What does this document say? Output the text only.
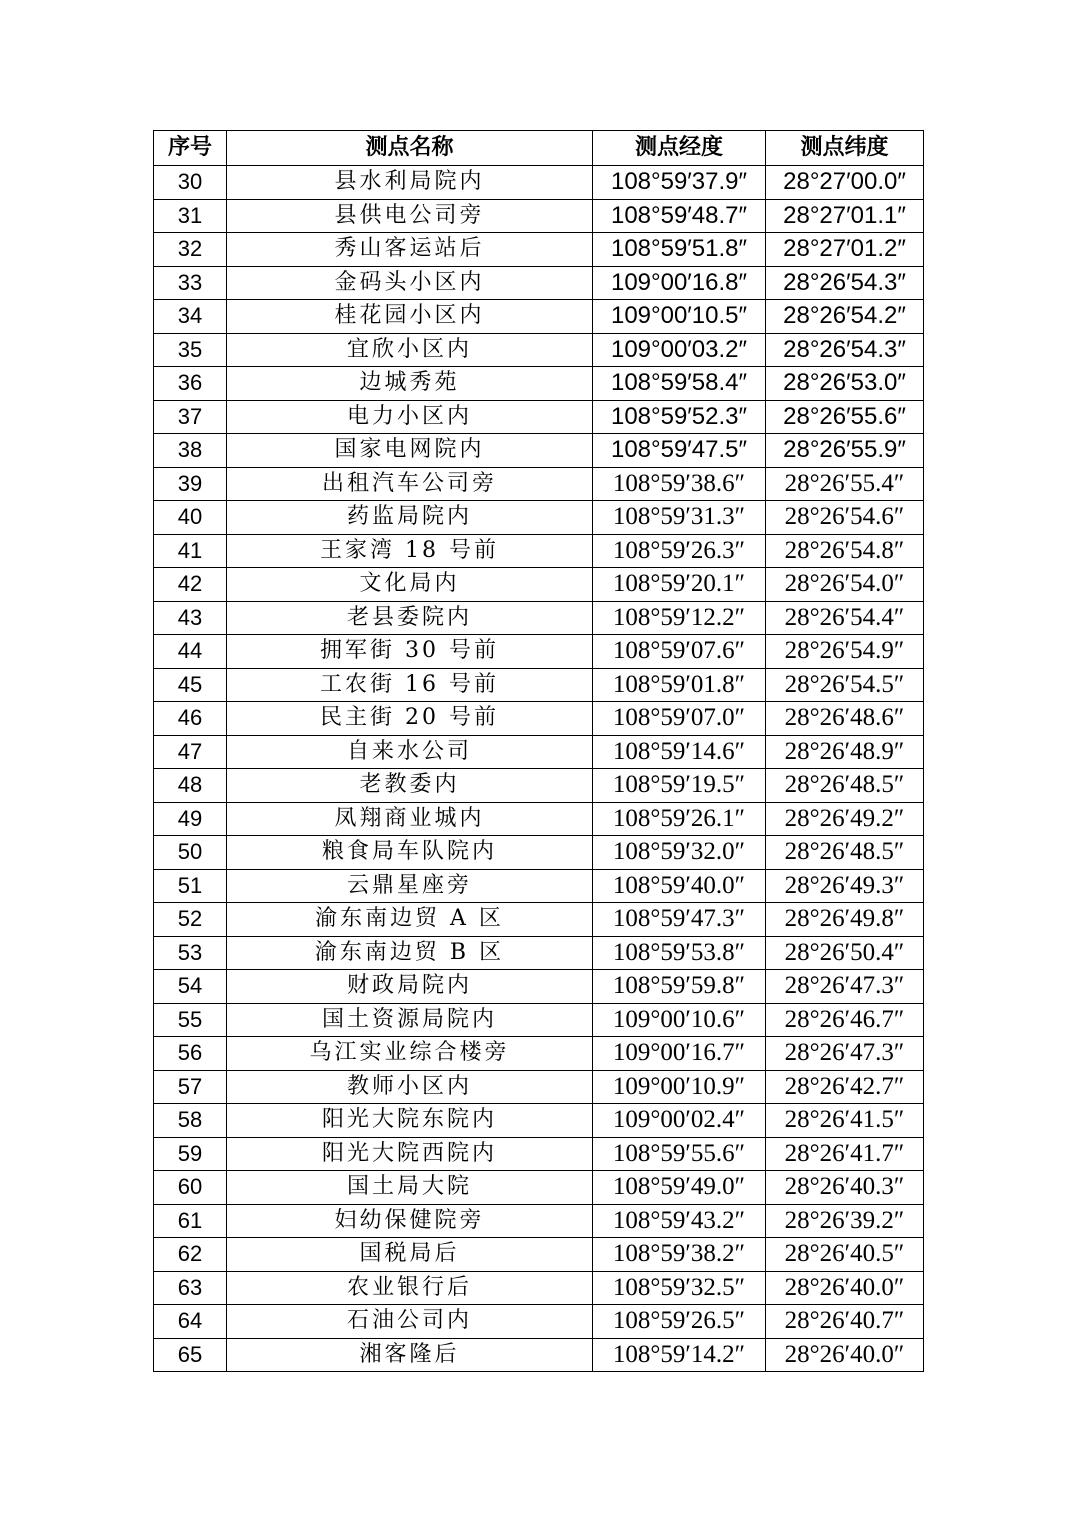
序号	测点名称	测点经度	测点纬度
30	县水利局院内	108°59′37.9″	28°27′00.0″
31	县供电公司旁	108°59′48.7″	28°27′01.1″
32	秀山客运站后	108°59′51.8″	28°27′01.2″
33	金码头小区内	109°00′16.8″	28°26′54.3″
34	桂花园小区内	109°00′10.5″	28°26′54.2″
35	宜欣小区内	109°00′03.2″	28°26′54.3″
36	边城秀苑	108°59′58.4″	28°26′53.0″
37	电力小区内	108°59′52.3″	28°26′55.6″
38	国家电网院内	108°59′47.5″	28°26′55.9″
39	出租汽车公司旁	108°59′38.6″	28°26′55.4″
40	药监局院内	108°59′31.3″	28°26′54.6″
41	王家湾 18 号前	108°59′26.3″	28°26′54.8″
42	文化局内	108°59′20.1″	28°26′54.0″
43	老县委院内	108°59′12.2″	28°26′54.4″
44	拥军街 30 号前	108°59′07.6″	28°26′54.9″
45	工农街 16 号前	108°59′01.8″	28°26′54.5″
46	民主街 20 号前	108°59′07.0″	28°26′48.6″
47	自来水公司	108°59′14.6″	28°26′48.9″
48	老教委内	108°59′19.5″	28°26′48.5″
49	凤翔商业城内	108°59′26.1″	28°26′49.2″
50	粮食局车队院内	108°59′32.0″	28°26′48.5″
51	云鼎星座旁	108°59′40.0″	28°26′49.3″
52	渝东南边贸 A 区	108°59′47.3″	28°26′49.8″
53	渝东南边贸 B 区	108°59′53.8″	28°26′50.4″
54	财政局院内	108°59′59.8″	28°26′47.3″
55	国土资源局院内	109°00′10.6″	28°26′46.7″
56	乌江实业综合楼旁	109°00′16.7″	28°26′47.3″
57	教师小区内	109°00′10.9″	28°26′42.7″
58	阳光大院东院内	109°00′02.4″	28°26′41.5″
59	阳光大院西院内	108°59′55.6″	28°26′41.7″
60	国土局大院	108°59′49.0″	28°26′40.3″
61	妇幼保健院旁	108°59′43.2″	28°26′39.2″
62	国税局后	108°59′38.2″	28°26′40.5″
63	农业银行后	108°59′32.5″	28°26′40.0″
64	石油公司内	108°59′26.5″	28°26′40.7″
65	湘客隆后	108°59′14.2″	28°26′40.0″
